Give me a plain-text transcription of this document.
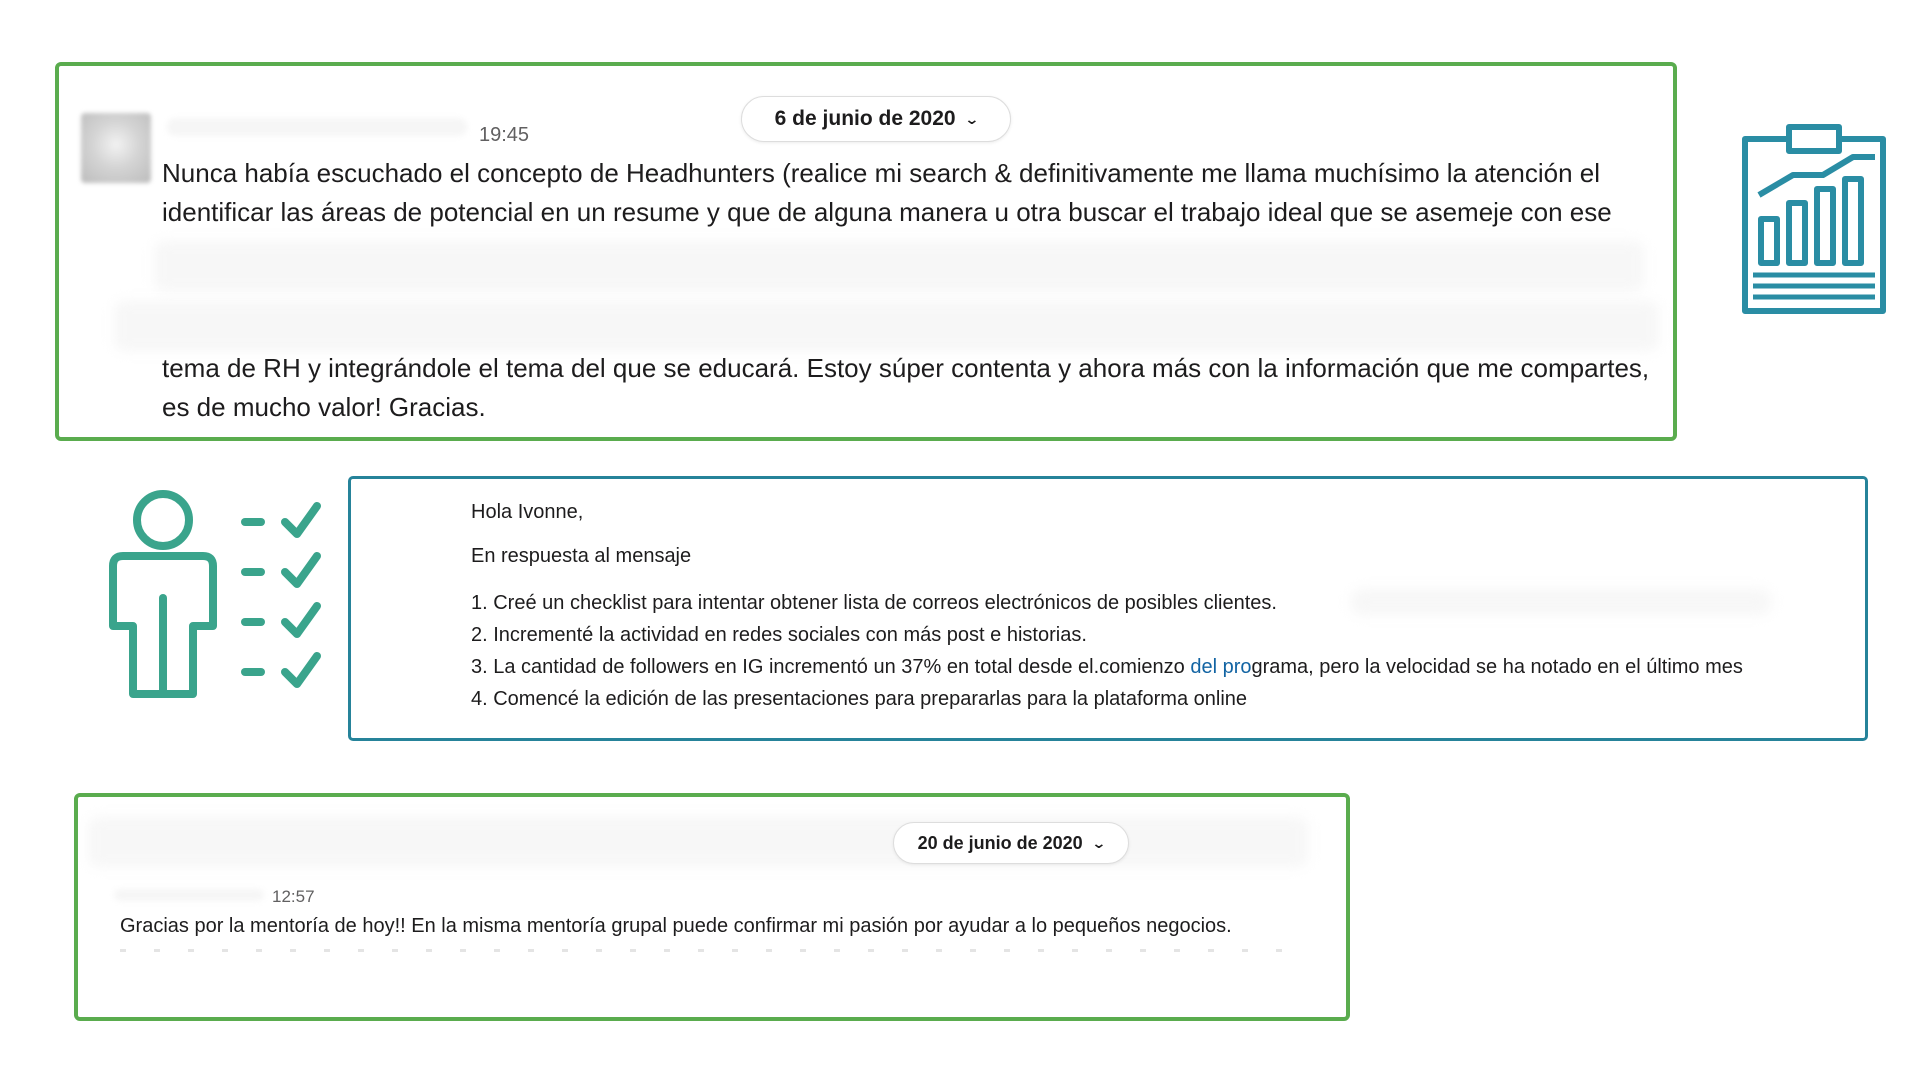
19:45
6 de junio de 2020 ⌄
Nunca había escuchado el concepto de Headhunters (realice mi search & definitivamente me llama muchísimo la atención el
identificar las áreas de potencial en un resume y que de alguna manera u otra buscar el trabajo ideal que se asemeje con ese
tema de RH y integrándole el tema del que se educará. Estoy súper contenta y ahora más con la información que me compartes,
es de mucho valor! Gracias.
Hola Ivonne,
En respuesta al mensaje
1. Creé un checklist para intentar obtener lista de correos electrónicos de posibles clientes.
2. Incrementé la actividad en redes sociales con más post e historias.
3. La cantidad de followers en IG incrementó un 37% en total desde el.comienzo del programa, pero la velocidad se ha notado en el último mes
4. Comencé la edición de las presentaciones para prepararlas para la plataforma online
20 de junio de 2020 ⌄
12:57
Gracias por la mentoría de hoy!! En la misma mentoría grupal puede confirmar mi pasión por ayudar a lo pequeños negocios.
